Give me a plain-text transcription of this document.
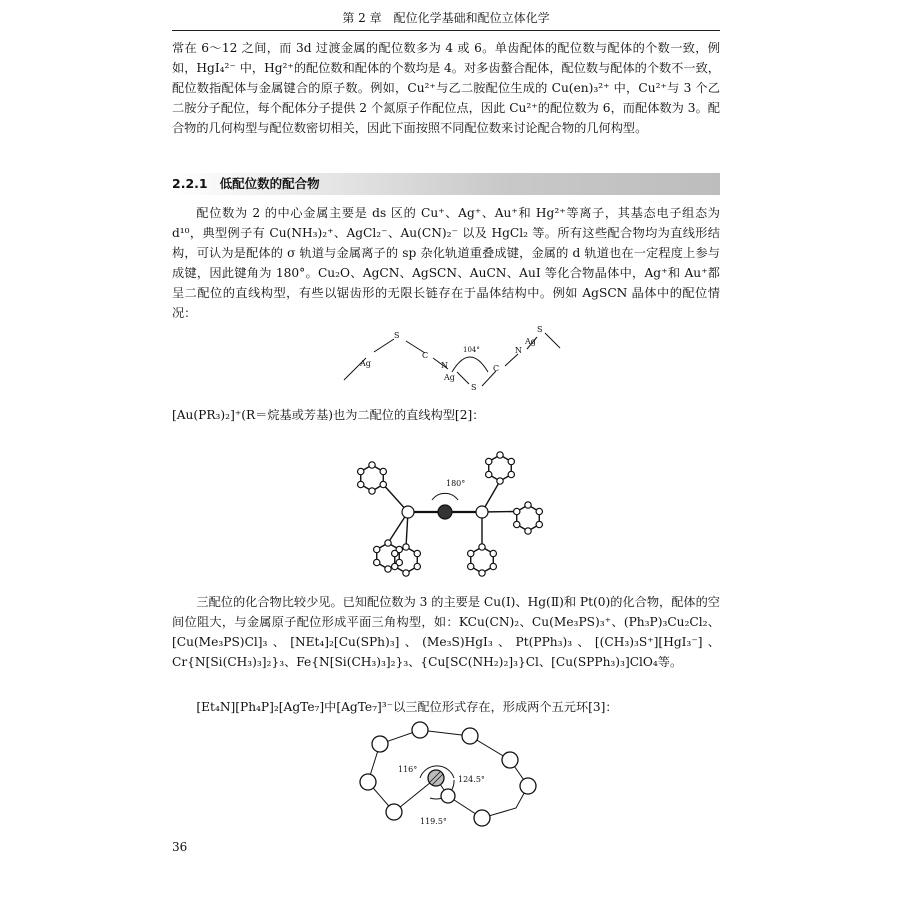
第 2 章　配位化学基础和配位立体化学

常在 6～12 之间，而 3d 过渡金属的配位数多为 4 或 6。单齿配体的配位数与配体的个数一致，例如，HgI₄²⁻ 中，Hg²⁺的配位数和配体的个数均是 4。对多齿螯合配体，配位数与配体的个数不一致，配位数指配体与金属键合的原子数。例如，Cu²⁺与乙二胺配位生成的 Cu(en)₃²⁺ 中，Cu²⁺与 3 个乙二胺分子配位，每个配体分子提供 2 个氮原子作配位点，因此 Cu²⁺的配位数为 6，而配体数为 3。配合物的几何构型与配位数密切相关，因此下面按照不同配位数来讨论配合物的几何构型。

2.2.1 低配位数的配合物

配位数为 2 的中心金属主要是 ds 区的 Cu⁺、Ag⁺、Au⁺和 Hg²⁺等离子，其基态电子组态为 d¹⁰，典型例子有 Cu(NH₃)₂⁺、AgCl₂⁻、Au(CN)₂⁻ 以及 HgCl₂ 等。所有这些配合物均为直线形结构，可认为是配体的 σ 轨道与金属离子的 sp 杂化轨道重叠成键，金属的 d 轨道也在一定程度上参与成键，因此键角为 180°。Cu₂O、AgCN、AgSCN、AuCN、AuI 等化合物晶体中，Ag⁺和 Au⁺都呈二配位的直线构型，有些以锯齿形的无限长链存在于晶体结构中。例如 AgSCN 晶体中的配位情况：

Ag
S
C
N
Ag
S
C
N
Ag
S
104°

[Au(PR₃)₂]⁺(R＝烷基或芳基)也为二配位的直线构型[2]：

180°

三配位的化合物比较少见。已知配位数为 3 的主要是 Cu(Ⅰ)、Hg(Ⅱ)和 Pt(0)的化合物，配体的空间位阻大，与金属原子配位形成平面三角构型，如：KCu(CN)₂、Cu(Me₃PS)₃⁺、(Ph₃P)₃Cu₂Cl₂、[Cu(Me₃PS)Cl]₃、[NEt₄]₂[Cu(SPh)₃]、(Me₃S)HgI₃、Pt(PPh₃)₃、[(CH₃)₃S⁺][HgI₃⁻]、Cr{N[Si(CH₃)₃]₂}₃、Fe{N[Si(CH₃)₃]₂}₃、{Cu[SC(NH₂)₂]₃}Cl、[Cu(SPPh₃)₃]ClO₄等。

[Et₄N][Ph₄P]₂[AgTe₇]中[AgTe₇]³⁻以三配位形式存在，形成两个五元环[3]：

116°
124.5°
119.5°
36
